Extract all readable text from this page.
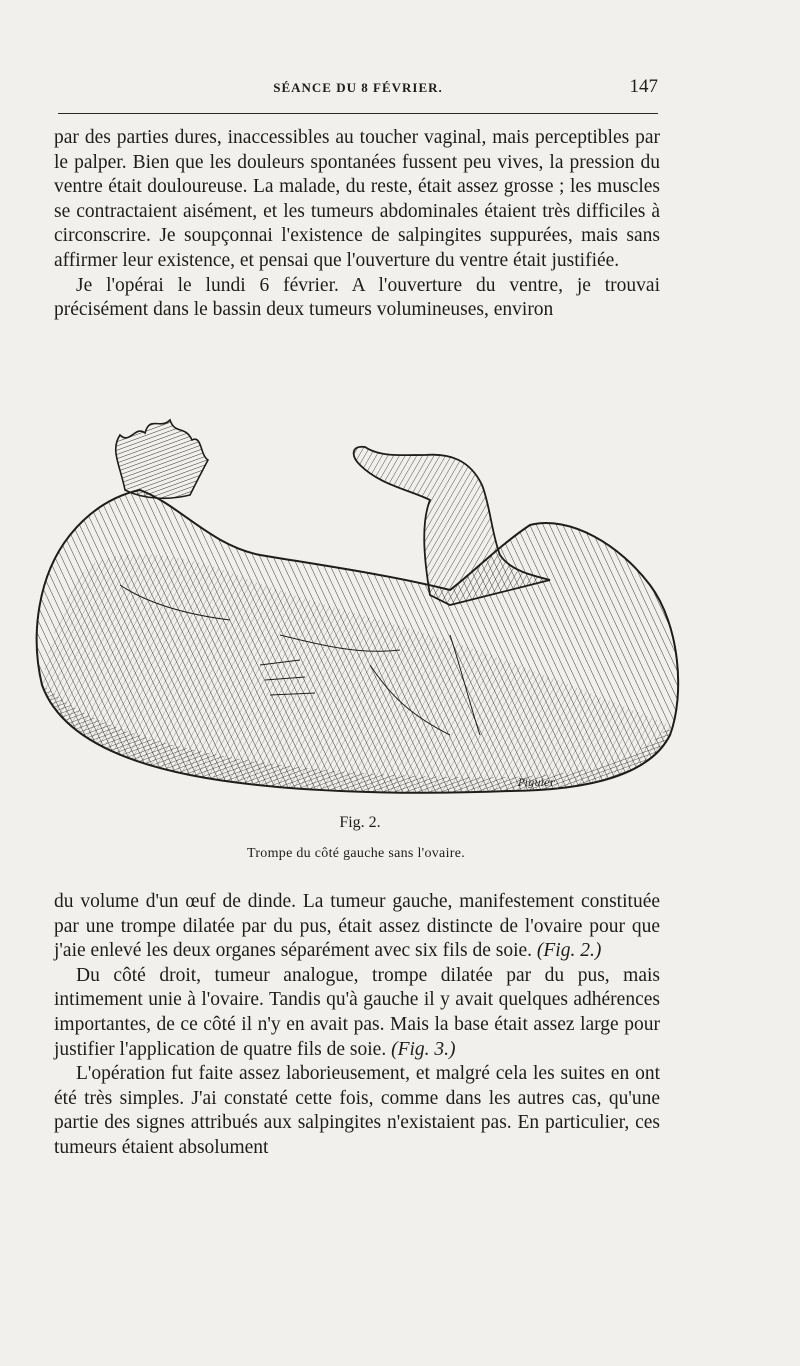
SÉANCE DU 8 FÉVRIER.	147

par des parties dures, inaccessibles au toucher vaginal, mais perceptibles par le palper. Bien que les douleurs spontanées fussent peu vives, la pression du ventre était douloureuse. La malade, du reste, était assez grosse ; les muscles se contractaient aisément, et les tumeurs abdominales étaient très difficiles à circonscrire. Je soupçonnai l'existence de salpingites suppurées, mais sans affirmer leur existence, et pensai que l'ouverture du ventre était justifiée.

Je l'opérai le lundi 6 février. A l'ouverture du ventre, je trouvai précisément dans le bassin deux tumeurs volumineuses, environ

Piguier
Fig. 2.
Trompe du côté gauche sans l'ovaire.

du volume d'un œuf de dinde. La tumeur gauche, manifestement constituée par une trompe dilatée par du pus, était assez distincte de l'ovaire pour que j'aie enlevé les deux organes séparément avec six fils de soie. (Fig. 2.)

Du côté droit, tumeur analogue, trompe dilatée par du pus, mais intimement unie à l'ovaire. Tandis qu'à gauche il y avait quelques adhérences importantes, de ce côté il n'y en avait pas. Mais la base était assez large pour justifier l'application de quatre fils de soie. (Fig. 3.)

L'opération fut faite assez laborieusement, et malgré cela les suites en ont été très simples. J'ai constaté cette fois, comme dans les autres cas, qu'une partie des signes attribués aux salpingites n'existaient pas. En particulier, ces tumeurs étaient absolument
